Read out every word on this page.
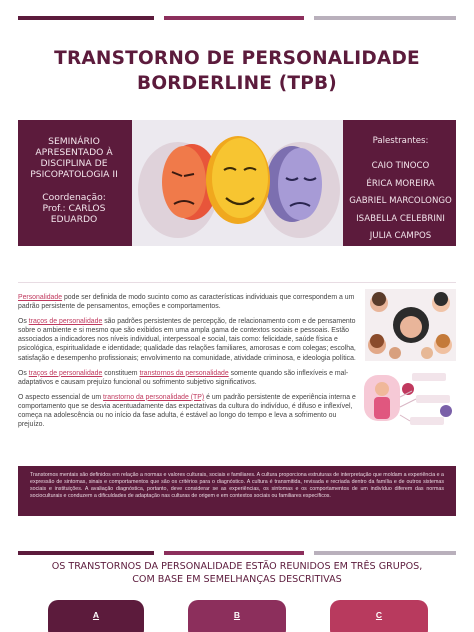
TRANSTORNO DE PERSONALIDADE
BORDERLINE (TPB)
SEMINÁRIO
APRESENTADO À
DISCIPLINA DE
PSICOPATOLOGIA II
Coordenação:
Prof.: CARLOS
EDUARDO
Palestrantes:
CAIO TINOCO
ÉRICA MOREIRA
GABRIEL MARCOLONGO
ISABELLA CELEBRINI
JULIA CAMPOS

Personalidade pode ser definida de modo sucinto como as características individuais que correspondem a um padrão persistente de pensamentos, emoções e comportamentos.

Os traços de personalidade são padrões persistentes de percepção, de relacionamento com e de pensamento sobre o ambiente e si mesmo que são exibidos em uma ampla gama de contextos sociais e pessoais. Estão associados a indicadores nos níveis individual, interpessoal e social, tais como: felicidade, saúde física e psicológica, espiritualidade e identidade; qualidade das relações familiares, amorosas e com colegas; escolha, satisfação e desempenho profissionais; envolvimento na comunidade, atividade criminosa, e ideologia política.

Os traços de personalidade constituem transtornos da personalidade somente quando são inflexíveis e mal-adaptativos e causam prejuízo funcional ou sofrimento subjetivo significativos.

O aspecto essencial de um transtorno da personalidade (TP) é um padrão persistente de experiência interna e comportamento que se desvia acentuadamente das expectativas da cultura do indivíduo, é difuso e inflexível, começa na adolescência ou no início da fase adulta, é estável ao longo do tempo e leva a sofrimento ou prejuízo.

Transtornos mentais são definidos em relação a normas e valores culturais, sociais e familiares. A cultura proporciona estruturas de interpretação que moldam a experiência e a expressão de sintomas, sinais e comportamentos que são os critérios para o diagnóstico. A cultura é transmitida, revisada e recriada dentro da família e de outros sistemas sociais e instituições. A avaliação diagnóstica, portanto, deve considerar se as experiências, os sintomas e os comportamentos de um indivíduo diferem das normas socioculturais e conduzem a dificuldades de adaptação nas culturas de origem e em contextos sociais ou familiares específicos.
OS TRANSTORNOS DA PERSONALIDADE ESTÃO REUNIDOS EM TRÊS GRUPOS,
COM BASE EM SEMELHANÇAS DESCRITIVAS
A	B	C
